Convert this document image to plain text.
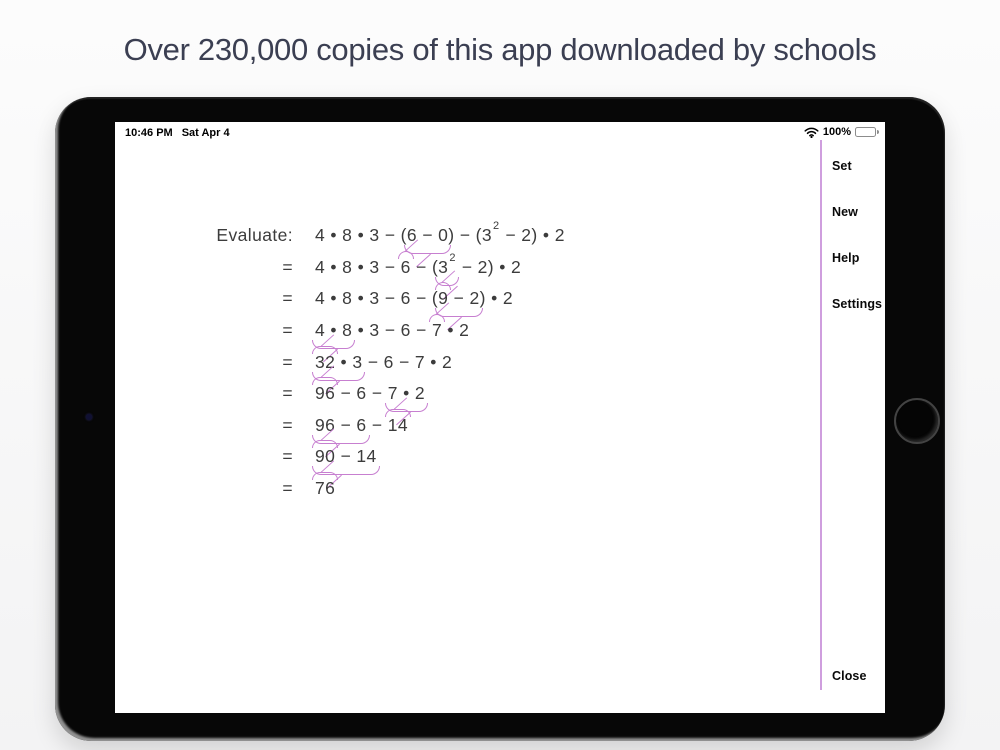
Over 230,000 copies of this app downloaded by schools
10:46 PM Sat Apr 4	100%
Evaluate: 4 • 8 • $3 - (6 - 0) - (3^2 - 2)$ • 2
= 4 • 8 • $3 - 6 - (3^2 - 2)$ • 2
= 4 • 8 • 3 − 6 − (9 − 2) • 2
= 4 • 8 • 3 − 6 − 7 • 2
= 32 • 3 − 6 − 7 • 2
= 96 − 6 − 7 • 2
= 96 − 6 − 14
= 90 − 14
= 76
Set
New
Help
Settings
Close
